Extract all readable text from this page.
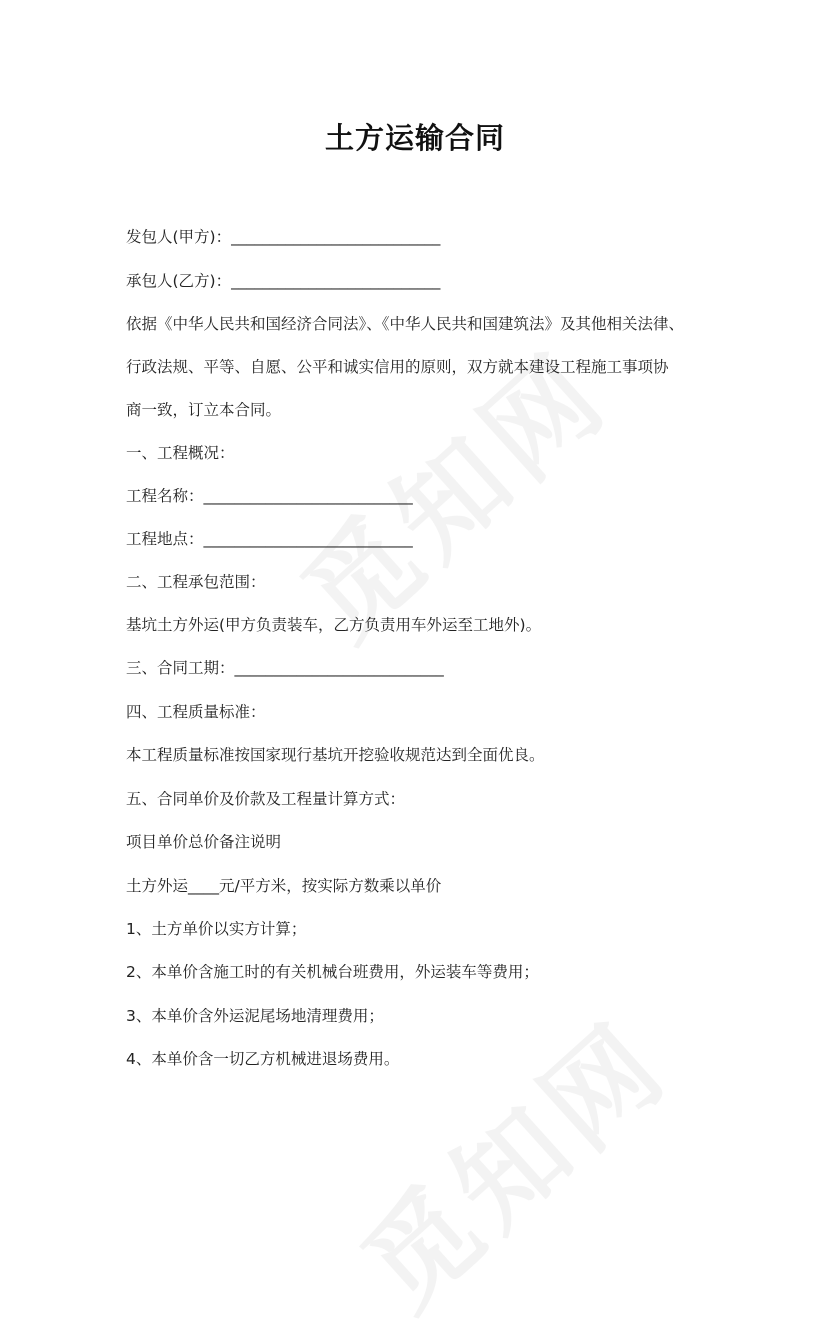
土方运输合同
发包人(甲方)：___________________________
承包人(乙方)：___________________________
依据《中华人民共和国经济合同法》、《中华人民共和国建筑法》及其他相关法律、
行政法规、平等、自愿、公平和诚实信用的原则，双方就本建设工程施工事项协
商一致，订立本合同。
一、工程概况：
工程名称：___________________________
工程地点：___________________________
二、工程承包范围：
基坑土方外运(甲方负责装车，乙方负责用车外运至工地外)。
三、合同工期：___________________________
四、工程质量标准：
本工程质量标准按国家现行基坑开挖验收规范达到全面优良。
五、合同单价及价款及工程量计算方式：
项目单价总价备注说明
土方外运____元/平方米，按实际方数乘以单价
1、土方单价以实方计算；
2、本单价含施工时的有关机械台班费用，外运装车等费用；
3、本单价含外运泥尾场地清理费用；
4、本单价含一切乙方机械进退场费用。
